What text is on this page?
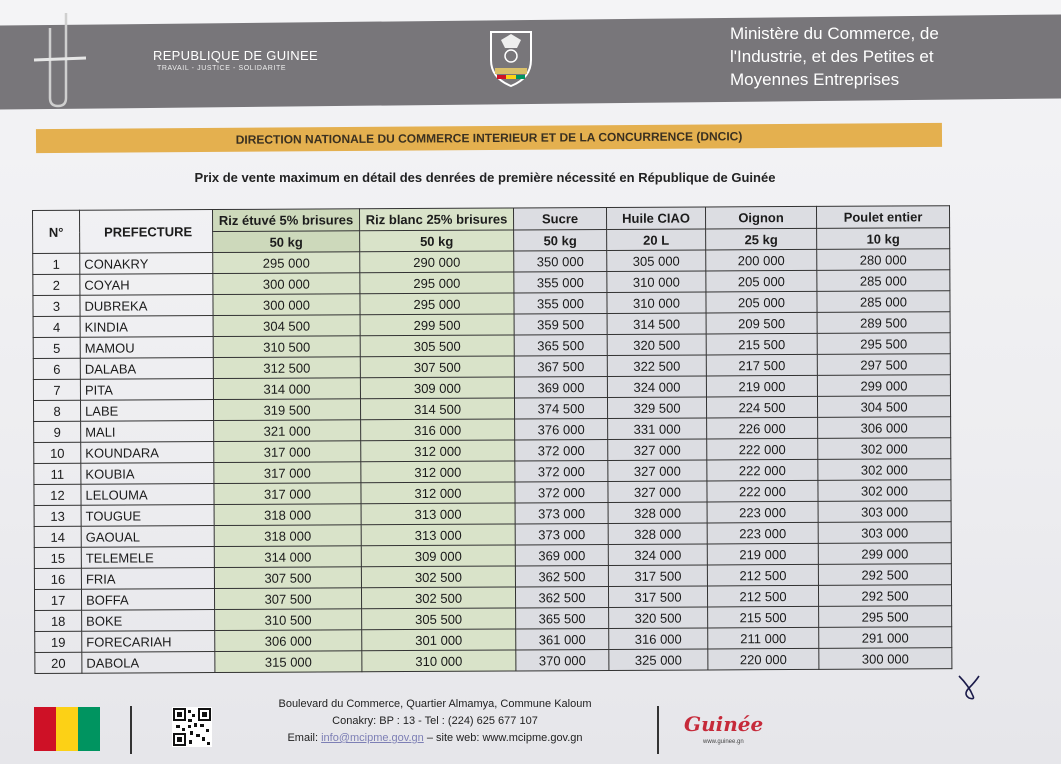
REPUBLIQUE DE GUINEE
TRAVAIL - JUSTICE - SOLIDARITE
Ministère du Commerce, de
l'Industrie, et des Petites et
Moyennes Entreprises
DIRECTION NATIONALE DU COMMERCE INTERIEUR ET DE LA CONCURRENCE (DNCIC)
Prix de vente maximum en détail des denrées de première nécessité en République de Guinée
N°	PREFECTURE	Riz étuvé 5% brisures	Riz blanc 25% brisures	Sucre	Huile CIAO	Oignon	Poulet entier
		50 kg	50 kg	50 kg	20 L	25 kg	10 kg
1	CONAKRY	295 000	290 000	350 000	305 000	200 000	280 000
2	COYAH	300 000	295 000	355 000	310 000	205 000	285 000
3	DUBREKA	300 000	295 000	355 000	310 000	205 000	285 000
4	KINDIA	304 500	299 500	359 500	314 500	209 500	289 500
5	MAMOU	310 500	305 500	365 500	320 500	215 500	295 500
6	DALABA	312 500	307 500	367 500	322 500	217 500	297 500
7	PITA	314 000	309 000	369 000	324 000	219 000	299 000
8	LABE	319 500	314 500	374 500	329 500	224 500	304 500
9	MALI	321 000	316 000	376 000	331 000	226 000	306 000
10	KOUNDARA	317 000	312 000	372 000	327 000	222 000	302 000
11	KOUBIA	317 000	312 000	372 000	327 000	222 000	302 000
12	LELOUMA	317 000	312 000	372 000	327 000	222 000	302 000
13	TOUGUE	318 000	313 000	373 000	328 000	223 000	303 000
14	GAOUAL	318 000	313 000	373 000	328 000	223 000	303 000
15	TELEMELE	314 000	309 000	369 000	324 000	219 000	299 000
16	FRIA	307 500	302 500	362 500	317 500	212 500	292 500
17	BOFFA	307 500	302 500	362 500	317 500	212 500	292 500
18	BOKE	310 500	305 500	365 500	320 500	215 500	295 500
19	FORECARIAH	306 000	301 000	361 000	316 000	211 000	291 000
20	DABOLA	315 000	310 000	370 000	325 000	220 000	300 000
Boulevard du Commerce, Quartier Almamya, Commune Kaloum
Conakry: BP : 13 - Tel : (224) 625 677 107
Email: info@mcipme.gov.gn – site web: www.mcipme.gov.gn
Guinée
www.guinee.gn
